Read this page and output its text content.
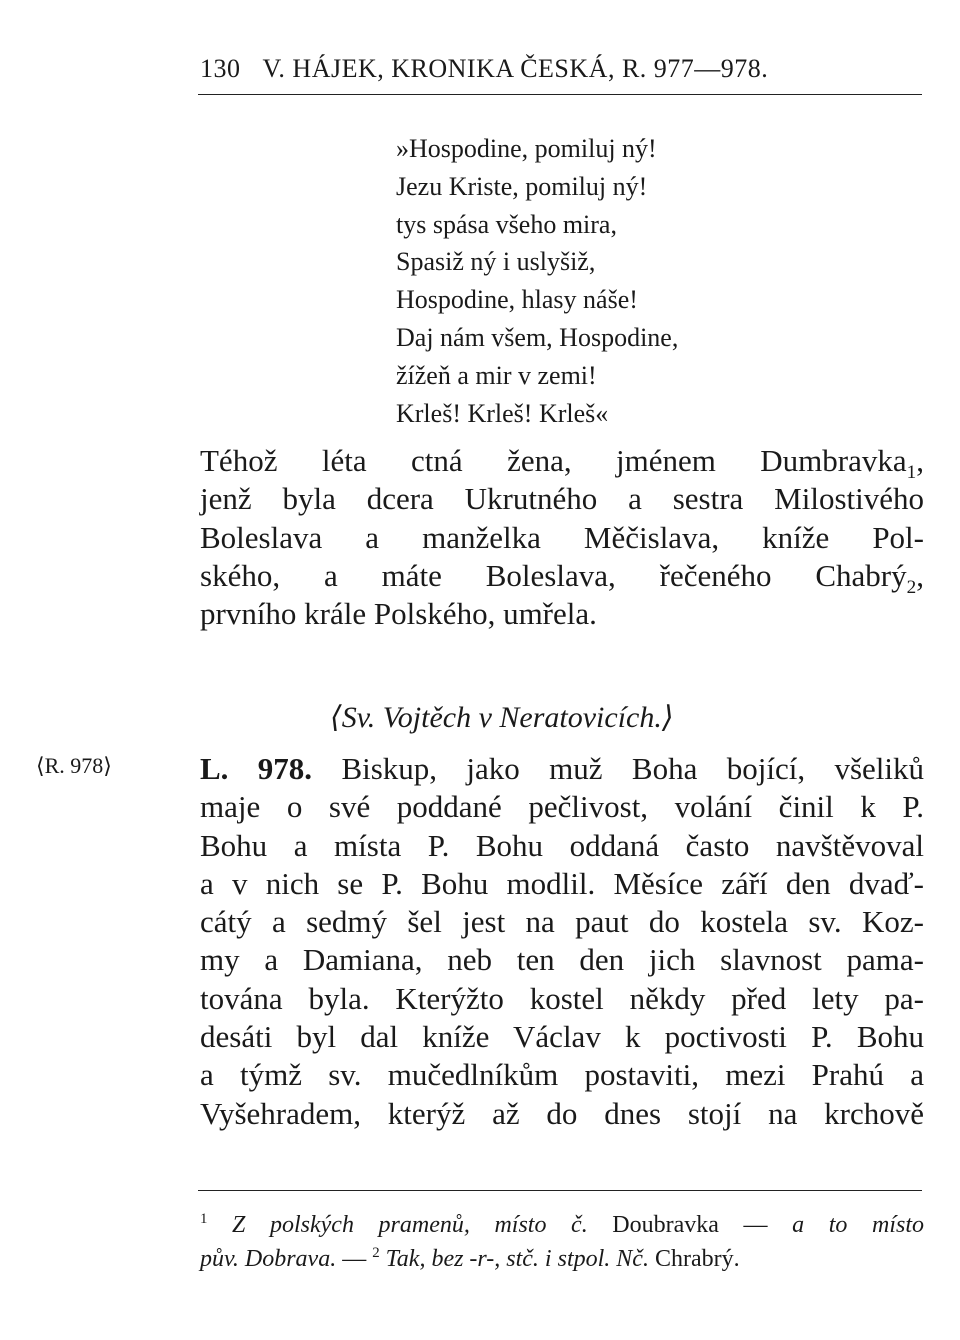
130 V. HÁJEK, KRONIKA ČESKÁ, R. 977—978.
»Hospodine, pomiluj ný!
Jezu Kriste, pomiluj ný!
tys spása všeho mira,
Spasiž ný i uslyšiž,
Hospodine, hlasy náše!
Daj nám všem, Hospodine,
žížeň a mir v zemi!
Krleš! Krleš! Krleš«
Téhož léta ctná žena, jménem Dumbravka$_1$,
jenž byla dcera Ukrutného a sestra Milostivého
Boleslava a manželka Měčislava, kníže Pol-
ského, a máte Boleslava, řečeného Chabrý$_2$,
prvního krále Polského, umřela.
⟨Sv. Vojtěch v Neratovicích.⟩
⟨R. 978⟩	L. 978. Biskup, jako muž Boha bojící, všeliků
maje o své poddané pečlivost, volání činil k P.
Bohu a místa P. Bohu oddaná často navštěvoval
a v nich se P. Bohu modlil. Měsíce září den dvaď-
cátý a sedmý šel jest na paut do kostela sv. Koz-
my a Damiana, neb ten den jich slavnost pama-
tována byla. Kterýžto kostel někdy před lety pa-
desáti byl dal kníže Václav k poctivosti P. Bohu
a týmž sv. mučedlníkům postaviti, mezi Prahú a
Vyšehradem, kterýž až do dnes stojí na krchově
$^1$ Z polských pramenů, místo č. Doubravka — a to místo
pův. Dobrava. — $^2$ Tak, bez -r-, stč. i stpol. Nč. Chrabrý.
